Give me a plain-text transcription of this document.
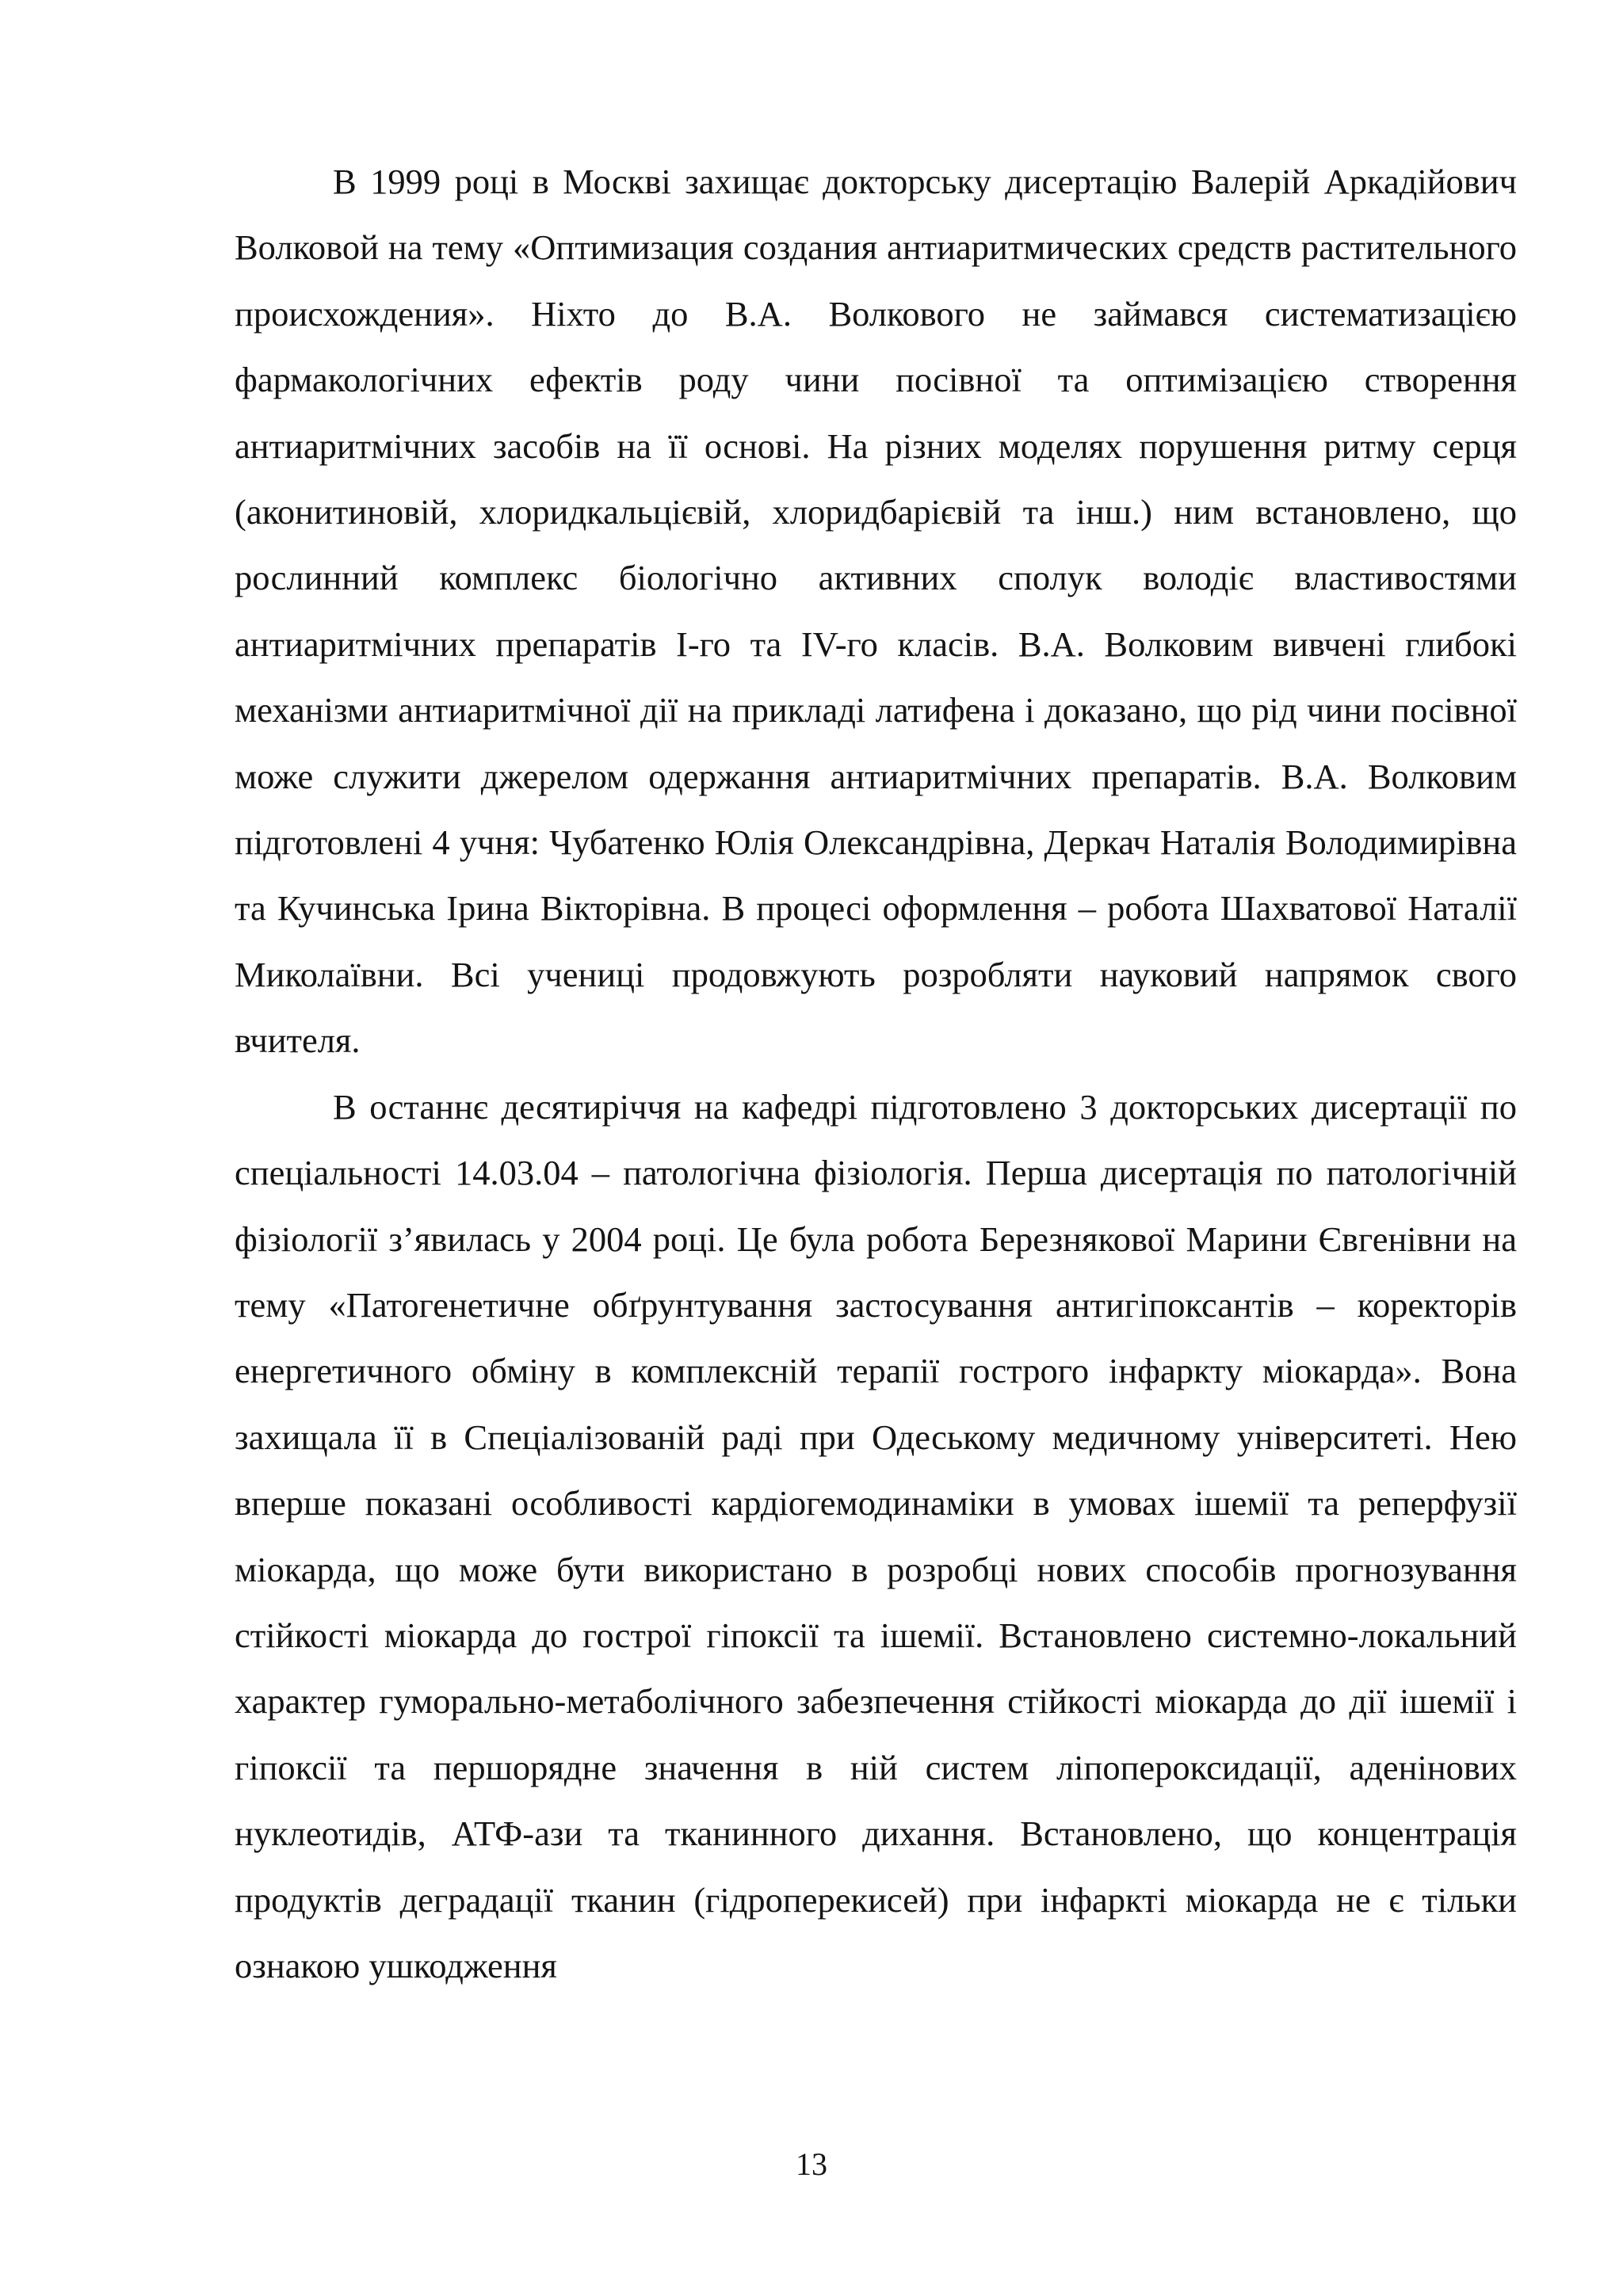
В 1999 році в Москві захищає докторську дисертацію Валерій Аркадійович Волковой на тему «Оптимизация создания антиаритмических средств растительного происхождения». Ніхто до В.А. Волкового не займався систематизацією фармакологічних ефектів роду чини посівної та оптимізацією створення антиаритмічних засобів на її основі. На різних моделях порушення ритму серця (аконитиновій, хлоридкальцієвій, хлоридбарієвій та інш.) ним встановлено, що рослинний комплекс біологічно активних сполук володіє властивостями антиаритмічних препаратів І-го та IV-го класів. В.А. Волковим вивчені глибокі механізми антиаритмічної дії на прикладі латифена і доказано, що рід чини посівної може служити джерелом одержання антиаритмічних препаратів. В.А. Волковим підготовлені 4 учня: Чубатенко Юлія Олександрівна, Деркач Наталія Володимирівна та Кучинська Ірина Вікторівна. В процесі оформлення – робота Шахватової Наталії Миколаївни. Всі учениці продовжують розробляти науковий напрямок свого вчителя.

В останнє десятиріччя на кафедрі підготовлено 3 докторських дисертації по спеціальності 14.03.04 – патологічна фізіологія. Перша дисертація по патологічній фізіології з’явилась у 2004 році. Це була робота Березнякової Марини Євгенівни на тему «Патогенетичне обґрунтування застосування антигіпоксантів – коректорів енергетичного обміну в комплексній терапії гострого інфаркту міокарда». Вона захищала її в Спеціалізованій раді при Одеському медичному університеті. Нею вперше показані особливості кардіогемодинаміки в умовах ішемії та реперфузії міокарда, що може бути використано в розробці нових способів прогнозування стійкості міокарда до гострої гіпоксії та ішемії. Встановлено системно-локальний характер гуморально-метаболічного забезпечення стійкості міокарда до дії ішемії і гіпоксії та першорядне значення в ній систем ліпопероксидації, аденінових нуклеотидів, АТФ-ази та тканинного дихання. Встановлено, що концентрація продуктів деградації тканин (гідроперекисей) при інфаркті міокарда не є тільки ознакою ушкодження

13
